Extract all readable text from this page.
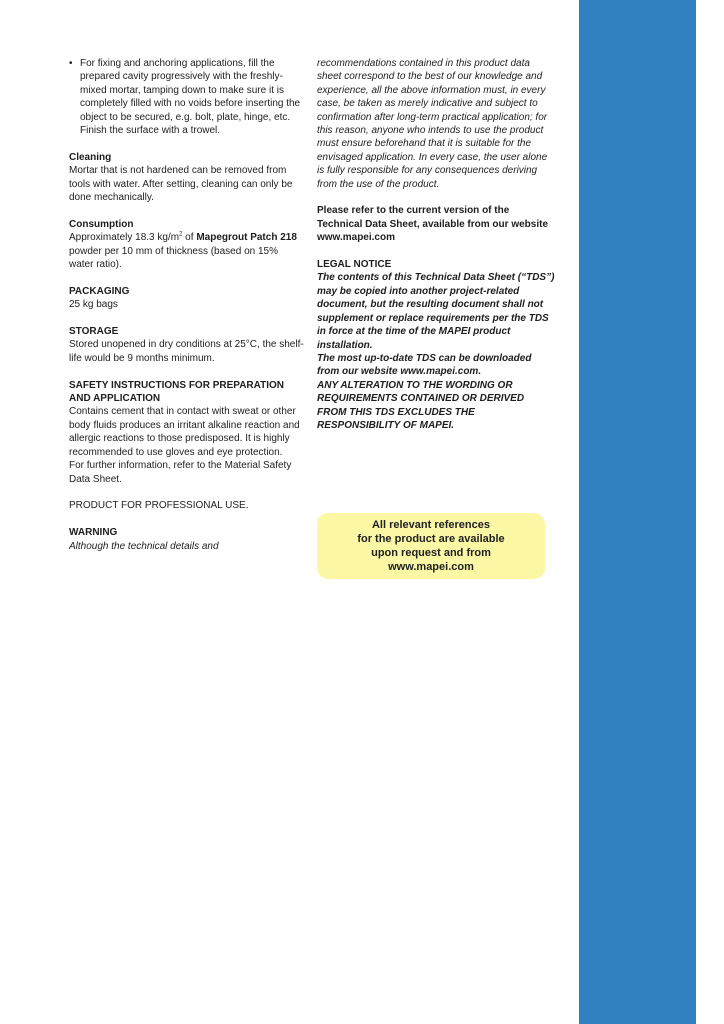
• For fixing and anchoring applications, fill the prepared cavity progressively with the freshly-mixed mortar, tamping down to make sure it is completely filled with no voids before inserting the object to be secured, e.g. bolt, plate, hinge, etc. Finish the surface with a trowel.

Cleaning

Mortar that is not hardened can be removed from tools with water. After setting, cleaning can only be done mechanically.

Consumption

Approximately 18.3 $kg/m^2$ of Mapegrout Patch 218 powder per 10 mm of thickness (based on 15% water ratio).

PACKAGING

25 kg bags

STORAGE

Stored unopened in dry conditions at 25°C, the shelf-life would be 9 months minimum.

SAFETY INSTRUCTIONS FOR PREPARATION AND APPLICATION

Contains cement that in contact with sweat or other body fluids produces an irritant alkaline reaction and allergic reactions to those predisposed. It is highly recommended to use gloves and eye protection.

For further information, refer to the Material Safety Data Sheet.

PRODUCT FOR PROFESSIONAL USE.

WARNING

Although the technical details and

recommendations contained in this product data sheet correspond to the best of our knowledge and experience, all the above information must, in every case, be taken as merely indicative and subject to confirmation after long-term practical application; for this reason, anyone who intends to use the product must ensure beforehand that it is suitable for the envisaged application. In every case, the user alone is fully responsible for any consequences deriving from the use of the product.

Please refer to the current version of the Technical Data Sheet, available from our website www.mapei.com

LEGAL NOTICE

The contents of this Technical Data Sheet (“TDS”) may be copied into another project-related document, but the resulting document shall not supplement or replace requirements per the TDS in force at the time of the MAPEI product installation.

The most up-to-date TDS can be downloaded from our website www.mapei.com.

ANY ALTERATION TO THE WORDING OR REQUIREMENTS CONTAINED OR DERIVED FROM THIS TDS EXCLUDES THE RESPONSIBILITY OF MAPEI.

All relevant references
for the product are available
upon request and from
www.mapei.com
